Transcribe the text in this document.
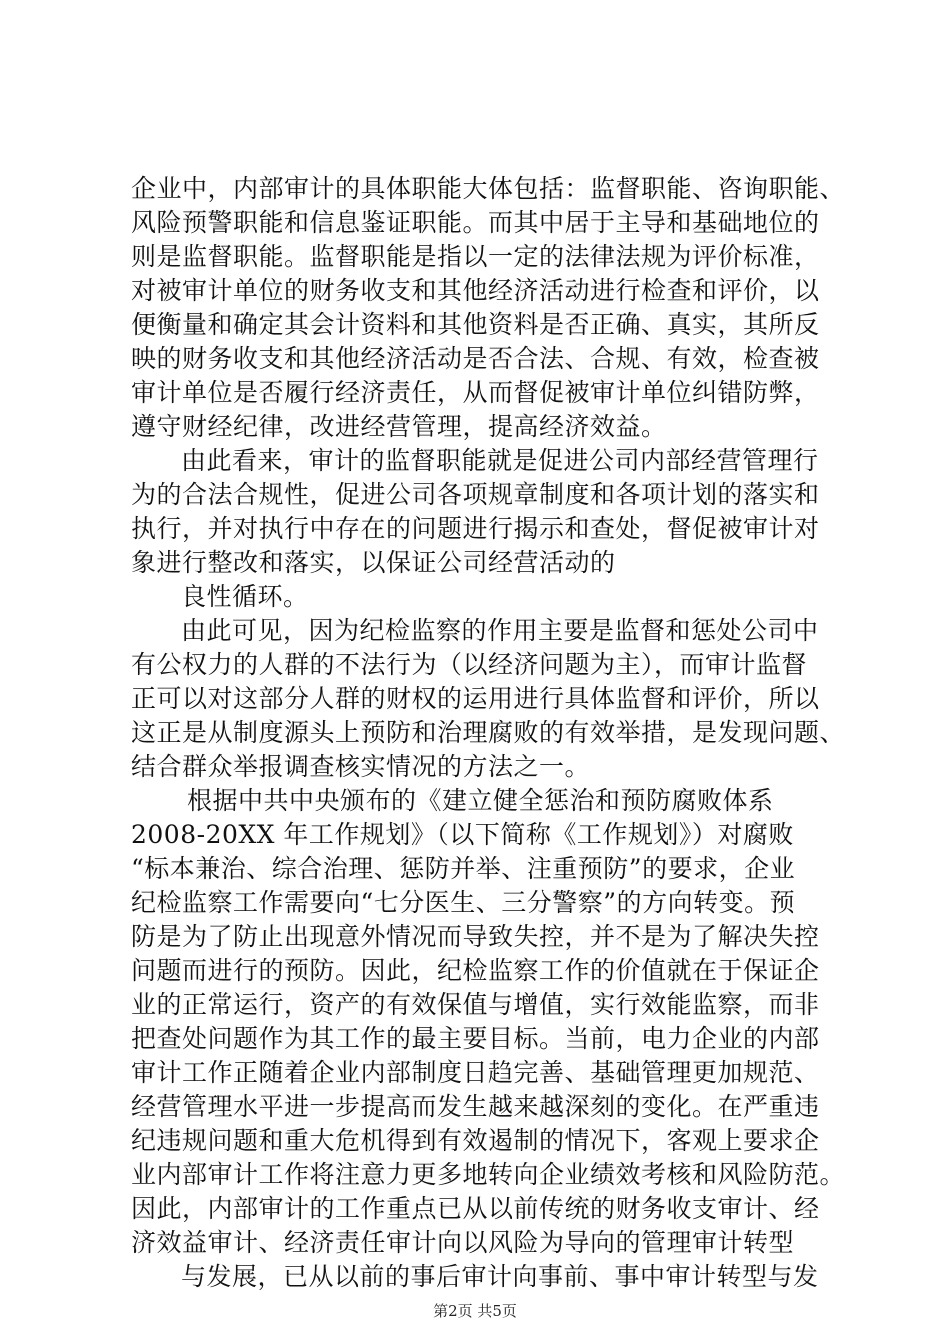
企业中，内部审计的具体职能大体包括：监督职能、咨询职能、
风险预警职能和信息鉴证职能。而其中居于主导和基础地位的
则是监督职能。监督职能是指以一定的法律法规为评价标准，
对被审计单位的财务收支和其他经济活动进行检查和评价，以
便衡量和确定其会计资料和其他资料是否正确、真实，其所反
映的财务收支和其他经济活动是否合法、合规、有效，检查被
审计单位是否履行经济责任，从而督促被审计单位纠错防弊，
遵守财经纪律，改进经营管理，提高经济效益。
由此看来，审计的监督职能就是促进公司内部经营管理行
为的合法合规性，促进公司各项规章制度和各项计划的落实和
执行，并对执行中存在的问题进行揭示和查处，督促被审计对
象进行整改和落实，以保证公司经营活动的
良性循环。
由此可见，因为纪检监察的作用主要是监督和惩处公司中
有公权力的人群的不法行为（以经济问题为主），而审计监督
正可以对这部分人群的财权的运用进行具体监督和评价，所以
这正是从制度源头上预防和治理腐败的有效举措，是发现问题、
结合群众举报调查核实情况的方法之一。
根据中共中央颁布的《建立健全惩治和预防腐败体系
2008-20XX 年工作规划》（以下简称《工作规划》）对腐败
“标本兼治、综合治理、惩防并举、注重预防”的要求，企业
纪检监察工作需要向“七分医生、三分警察”的方向转变。预
防是为了防止出现意外情况而导致失控，并不是为了解决失控
问题而进行的预防。因此，纪检监察工作的价值就在于保证企
业的正常运行，资产的有效保值与增值，实行效能监察，而非
把查处问题作为其工作的最主要目标。当前，电力企业的内部
审计工作正随着企业内部制度日趋完善、基础管理更加规范、
经营管理水平进一步提高而发生越来越深刻的变化。在严重违
纪违规问题和重大危机得到有效遏制的情况下，客观上要求企
业内部审计工作将注意力更多地转向企业绩效考核和风险防范。
因此，内部审计的工作重点已从以前传统的财务收支审计、经
济效益审计、经济责任审计向以风险为导向的管理审计转型
与发展，已从以前的事后审计向事前、事中审计转型与发
第2页 共5页
